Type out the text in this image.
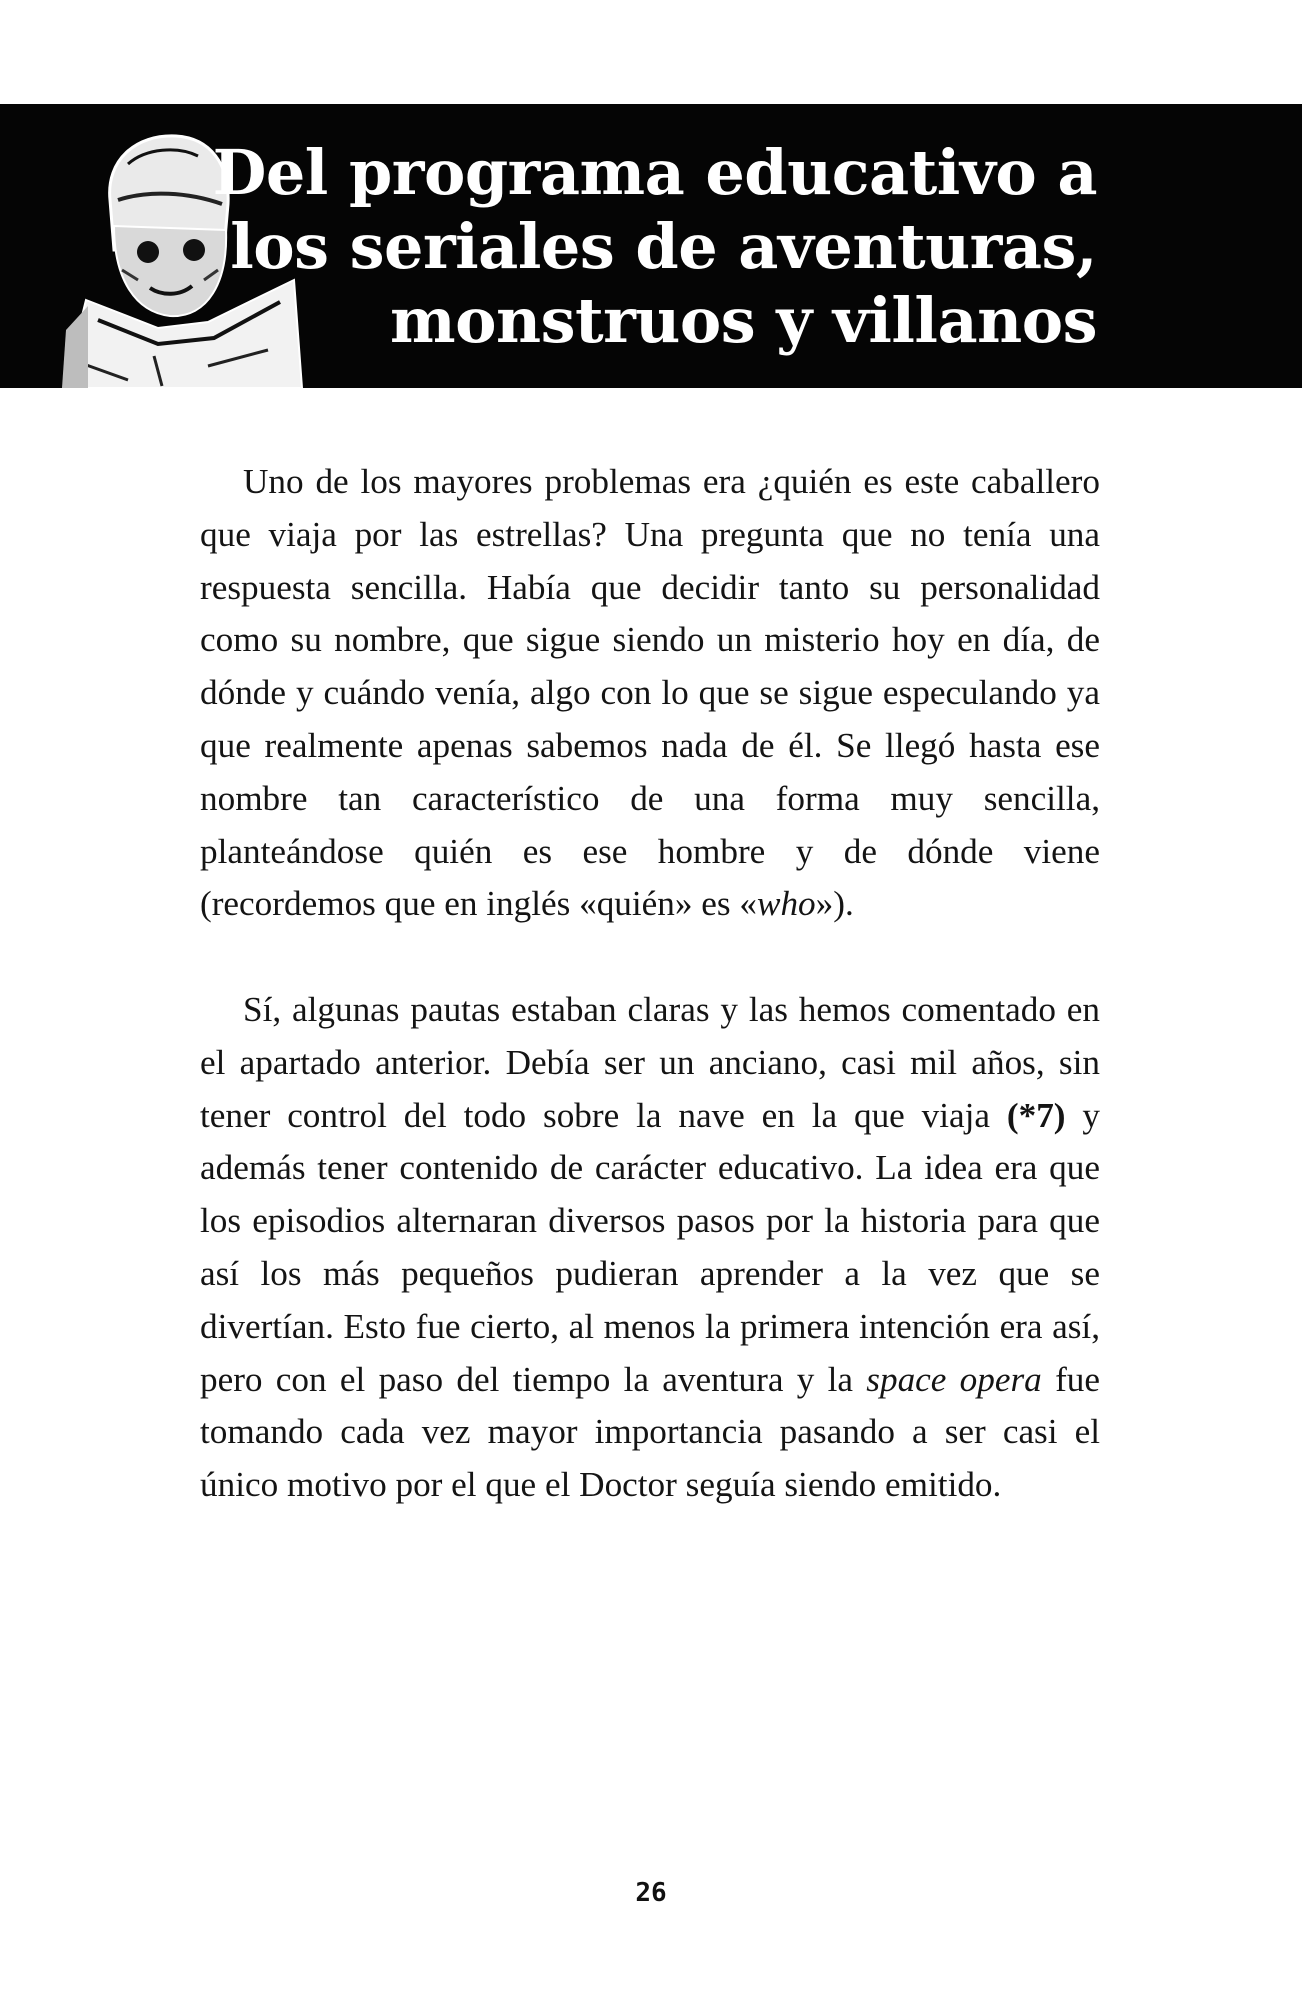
Del programa educativo a
los seriales de aventuras,
monstruos y villanos

Uno de los mayores problemas era ¿quién es este caballero que viaja por las estrellas? Una pregunta que no tenía una respuesta sencilla. Había que decidir tanto su personalidad como su nombre, que sigue siendo un misterio hoy en día, de dónde y cuándo venía, algo con lo que se sigue especulando ya que realmente apenas sabemos nada de él. Se llegó hasta ese nombre tan característico de una forma muy sencilla, planteándose quién es ese hombre y de dónde viene (recordemos que en inglés «quién» es «who»).

Sí, algunas pautas estaban claras y las hemos comentado en el apartado anterior. Debía ser un anciano, casi mil años, sin tener control del todo sobre la nave en la que viaja (*7) y además tener contenido de carácter educativo. La idea era que los episodios alternaran diversos pasos por la historia para que así los más pequeños pudieran aprender a la vez que se divertían. Esto fue cierto, al menos la primera intención era así, pero con el paso del tiempo la aventura y la space opera fue tomando cada vez mayor importancia pasando a ser casi el único motivo por el que el Doctor seguía siendo emitido.

26
